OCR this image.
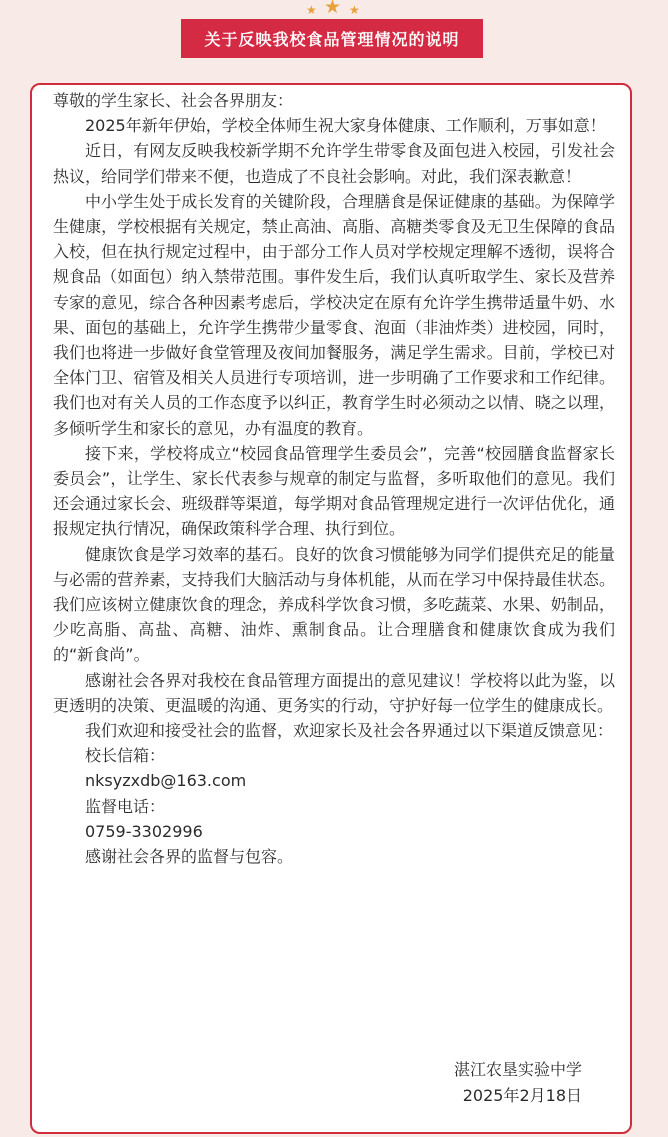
★ ★ ★
关于反映我校食品管理情况的说明

尊敬的学生家长、社会各界朋友：

2025年新年伊始，学校全体师生祝大家身体健康、工作顺利，万事如意！

近日，有网友反映我校新学期不允许学生带零食及面包进入校园，引发社会热议，给同学们带来不便，也造成了不良社会影响。对此，我们深表歉意！

中小学生处于成长发育的关键阶段，合理膳食是保证健康的基础。为保障学生健康，学校根据有关规定，禁止高油、高脂、高糖类零食及无卫生保障的食品入校，但在执行规定过程中，由于部分工作人员对学校规定理解不透彻，误将合规食品（如面包）纳入禁带范围。事件发生后，我们认真听取学生、家长及营养专家的意见，综合各种因素考虑后，学校决定在原有允许学生携带适量牛奶、水果、面包的基础上，允许学生携带少量零食、泡面（非油炸类）进校园，同时，我们也将进一步做好食堂管理及夜间加餐服务，满足学生需求。目前，学校已对全体门卫、宿管及相关人员进行专项培训，进一步明确了工作要求和工作纪律。我们也对有关人员的工作态度予以纠正，教育学生时必须动之以情、晓之以理，多倾听学生和家长的意见，办有温度的教育。

接下来，学校将成立“校园食品管理学生委员会”，完善“校园膳食监督家长委员会”，让学生、家长代表参与规章的制定与监督，多听取他们的意见。我们还会通过家长会、班级群等渠道，每学期对食品管理规定进行一次评估优化，通报规定执行情况，确保政策科学合理、执行到位。

健康饮食是学习效率的基石。良好的饮食习惯能够为同学们提供充足的能量与必需的营养素，支持我们大脑活动与身体机能，从而在学习中保持最佳状态。我们应该树立健康饮食的理念，养成科学饮食习惯，多吃蔬菜、水果、奶制品，少吃高脂、高盐、高糖、油炸、熏制食品。让合理膳食和健康饮食成为我们的“新食尚”。

感谢社会各界对我校在食品管理方面提出的意见建议！学校将以此为鉴，以更透明的决策、更温暖的沟通、更务实的行动，守护好每一位学生的健康成长。

我们欢迎和接受社会的监督，欢迎家长及社会各界通过以下渠道反馈意见：

校长信箱：

nksyzxdb@163.com

监督电话：

0759-3302996

感谢社会各界的监督与包容。

湛江农垦实验中学

2025年2月18日
